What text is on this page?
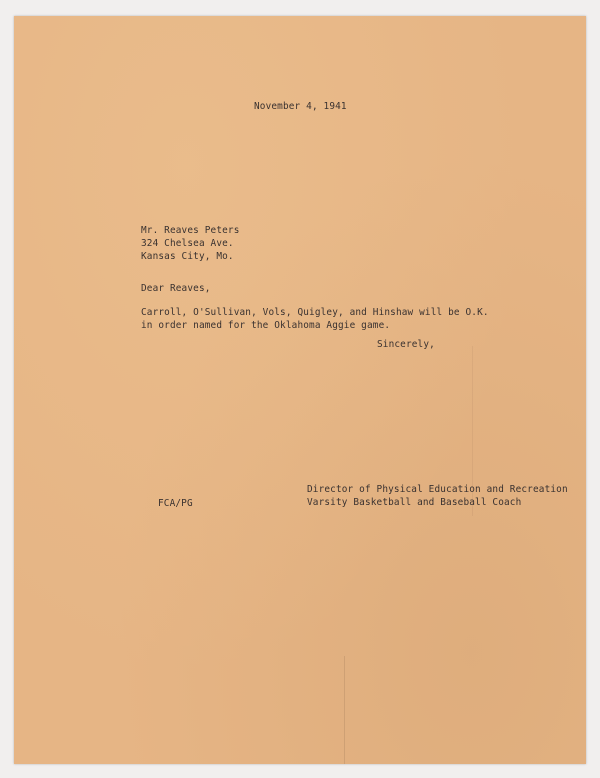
November 4, 1941

Mr. Reaves Peters

324 Chelsea Ave.

Kansas City, Mo.

Dear Reaves,

Carroll, O'Sullivan, Vols, Quigley, and Hinshaw will be O.K.

in order named for the Oklahoma Aggie game.

Sincerely,

FCA/PG

Director of Physical Education and Recreation

Varsity Basketball and Baseball Coach
